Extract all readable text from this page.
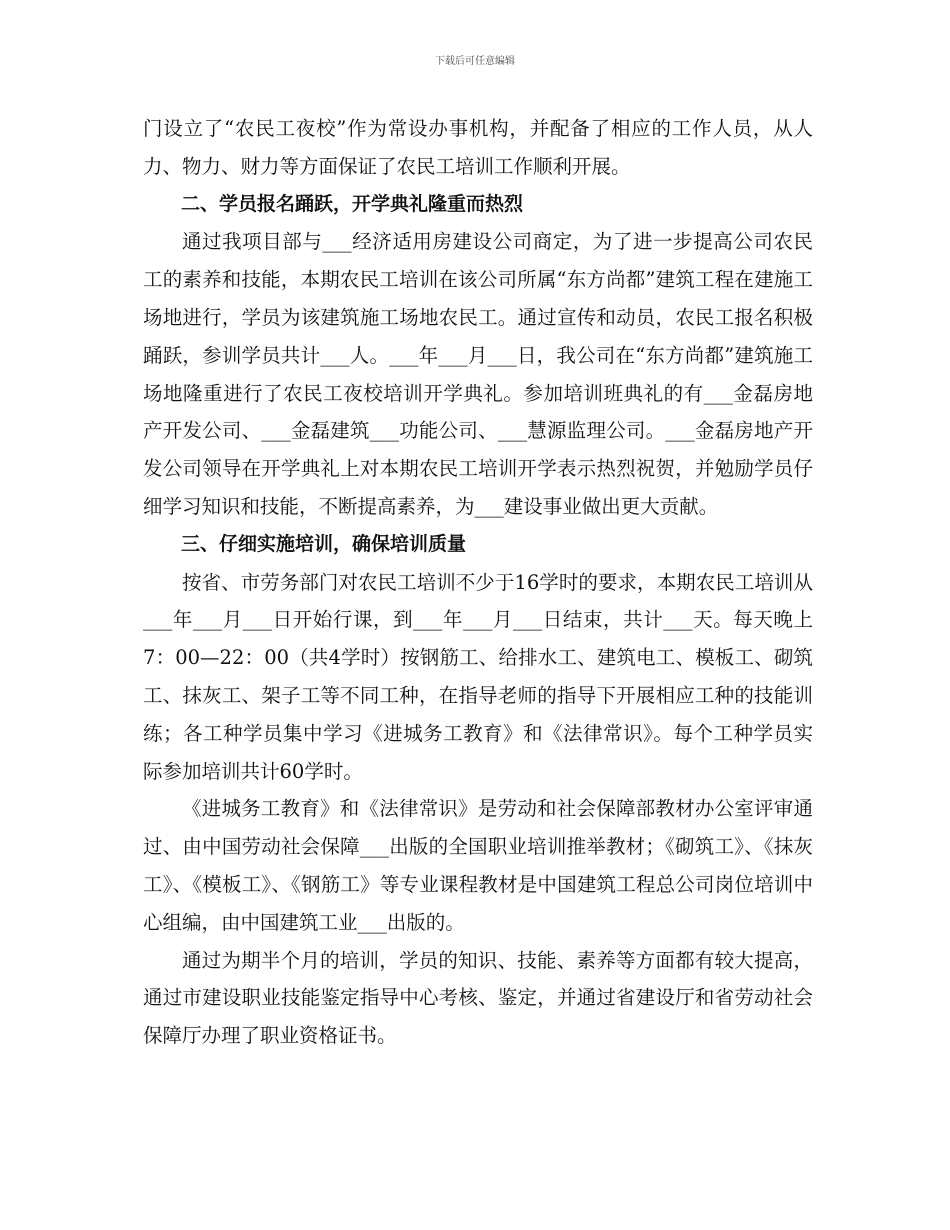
下载后可任意编辑

门设立了“农民工夜校”作为常设办事机构，并配备了相应的工作人员，从人力、物力、财力等方面保证了农民工培训工作顺利开展。

二、学员报名踊跃，开学典礼隆重而热烈

通过我项目部与___经济适用房建设公司商定，为了进一步提高公司农民工的素养和技能，本期农民工培训在该公司所属“东方尚都”建筑工程在建施工场地进行，学员为该建筑施工场地农民工。通过宣传和动员，农民工报名积极踊跃，参训学员共计___人。___年___月___日，我公司在“东方尚都”建筑施工场地隆重进行了农民工夜校培训开学典礼。参加培训班典礼的有___金磊房地产开发公司、___金磊建筑___功能公司、___慧源监理公司。___金磊房地产开发公司领导在开学典礼上对本期农民工培训开学表示热烈祝贺，并勉励学员仔细学习知识和技能，不断提高素养，为___建设事业做出更大贡献。

三、仔细实施培训，确保培训质量

按省、市劳务部门对农民工培训不少于16学时的要求，本期农民工培训从___年___月___日开始行课，到___年___月___日结束，共计___天。每天晚上7：00—22：00（共4学时）按钢筋工、给排水工、建筑电工、模板工、砌筑工、抹灰工、架子工等不同工种，在指导老师的指导下开展相应工种的技能训练；各工种学员集中学习《进城务工教育》和《法律常识》。每个工种学员实际参加培训共计60学时。

《进城务工教育》和《法律常识》是劳动和社会保障部教材办公室评审通过、由中国劳动社会保障___出版的全国职业培训推举教材；《砌筑工》、《抹灰工》、《模板工》、《钢筋工》等专业课程教材是中国建筑工程总公司岗位培训中心组编，由中国建筑工业___出版的。

通过为期半个月的培训，学员的知识、技能、素养等方面都有较大提高，通过市建设职业技能鉴定指导中心考核、鉴定，并通过省建设厅和省劳动社会保障厅办理了职业资格证书。
